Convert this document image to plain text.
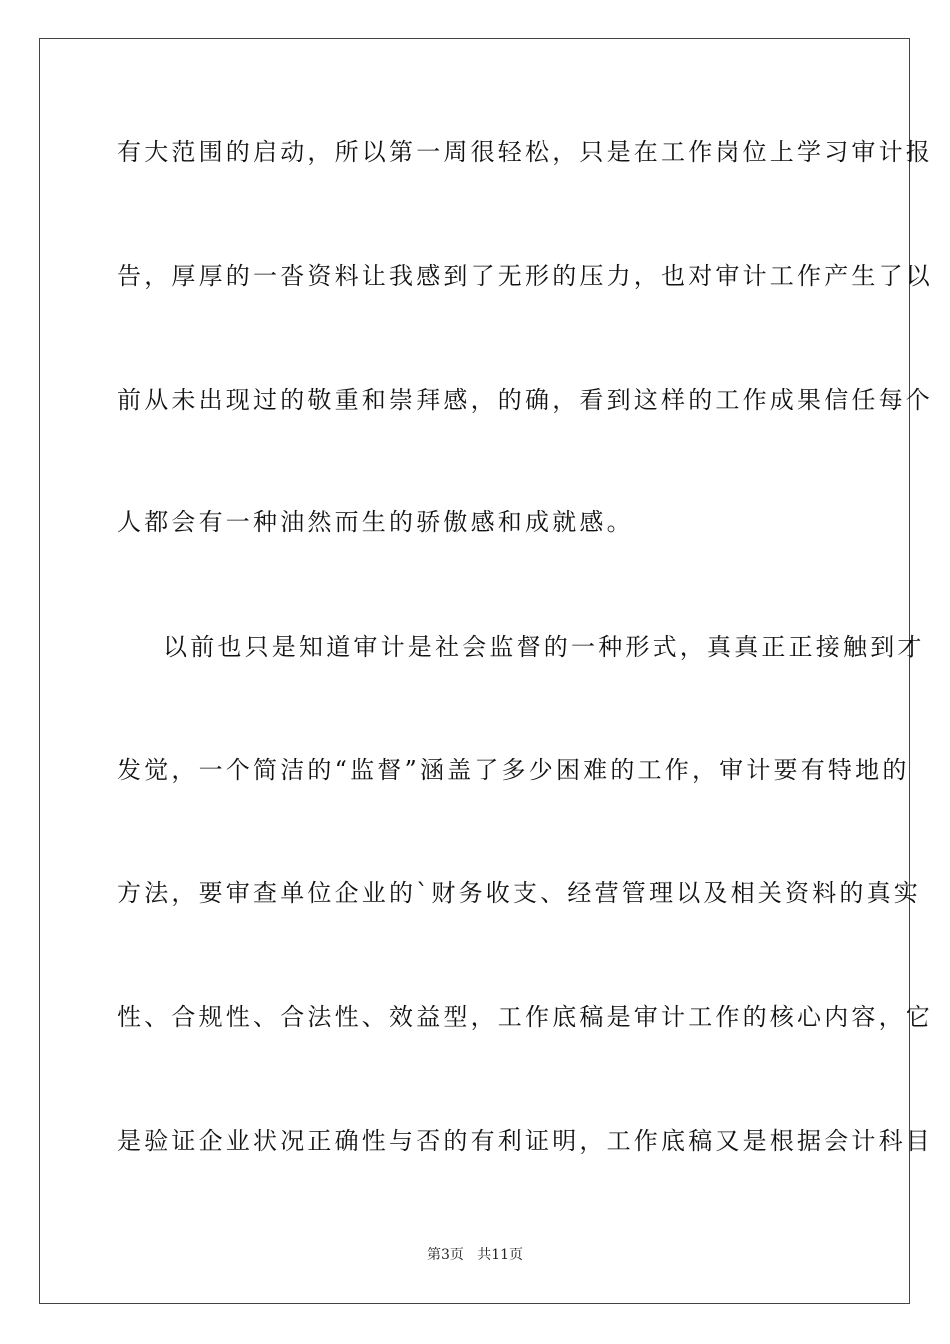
有大范围的启动，所以第一周很轻松，只是在工作岗位上学习审计报
告，厚厚的一沓资料让我感到了无形的压力，也对审计工作产生了以
前从未出现过的敬重和崇拜感，的确，看到这样的工作成果信任每个
人都会有一种油然而生的骄傲感和成就感。
以前也只是知道审计是社会监督的一种形式，真真正正接触到才
发觉，一个简洁的“监督”涵盖了多少困难的工作，审计要有特地的
方法，要审查单位企业的`财务收支、经营管理以及相关资料的真实
性、合规性、合法性、效益型，工作底稿是审计工作的核心内容，它
是验证企业状况正确性与否的有利证明，工作底稿又是根据会计科目
第3页   共11页
